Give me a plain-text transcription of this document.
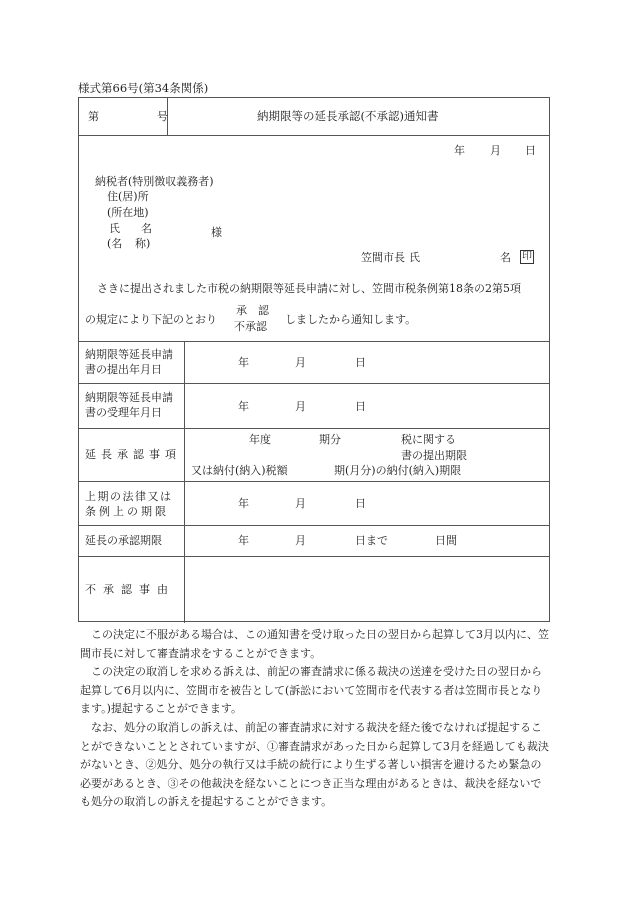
様式第66号(第34条関係)
第	号	納期限等の延長承認(不承認)通知書
年 月 日
納税者(特別徴収義務者)
住(居)所
(所在地)
氏 名
(名 称)
様
笠間市長 氏	名 印
さきに提出されました市税の納期限等延長申請に対し、笠間市税条例第18条の2第5項
の規定により下記のとおり
承　認
不承認
しましたから通知します。
納期限等延長申請
書の提出年月日
年	月	日
納期限等延長申請
書の受理年月日	年	月	日
延長承認事項
年度	期分	税に関する
書の提出期限
又は納付(納入)税額	期(月分)の納付(納入)期限
上期の法律又は
条例上の期限
年	月	日
延長の承認期限	年	月	日まで	日間
不承認事由

この決定に不服がある場合は、この通知書を受け取った日の翌日から起算して3月以内に、笠間市長に対して審査請求をすることができます。

この決定の取消しを求める訴えは、前記の審査請求に係る裁決の送達を受けた日の翌日から起算して6月以内に、笠間市を被告として(訴訟において笠間市を代表する者は笠間市長となります。)提起することができます。

なお、処分の取消しの訴えは、前記の審査請求に対する裁決を経た後でなければ提起することができないこととされていますが、①審査請求があった日から起算して3月を経過しても裁決がないとき、②処分、処分の執行又は手続の続行により生ずる著しい損害を避けるため緊急の必要があるとき、③その他裁決を経ないことにつき正当な理由があるときは、裁決を経ないでも処分の取消しの訴えを提起することができます。
